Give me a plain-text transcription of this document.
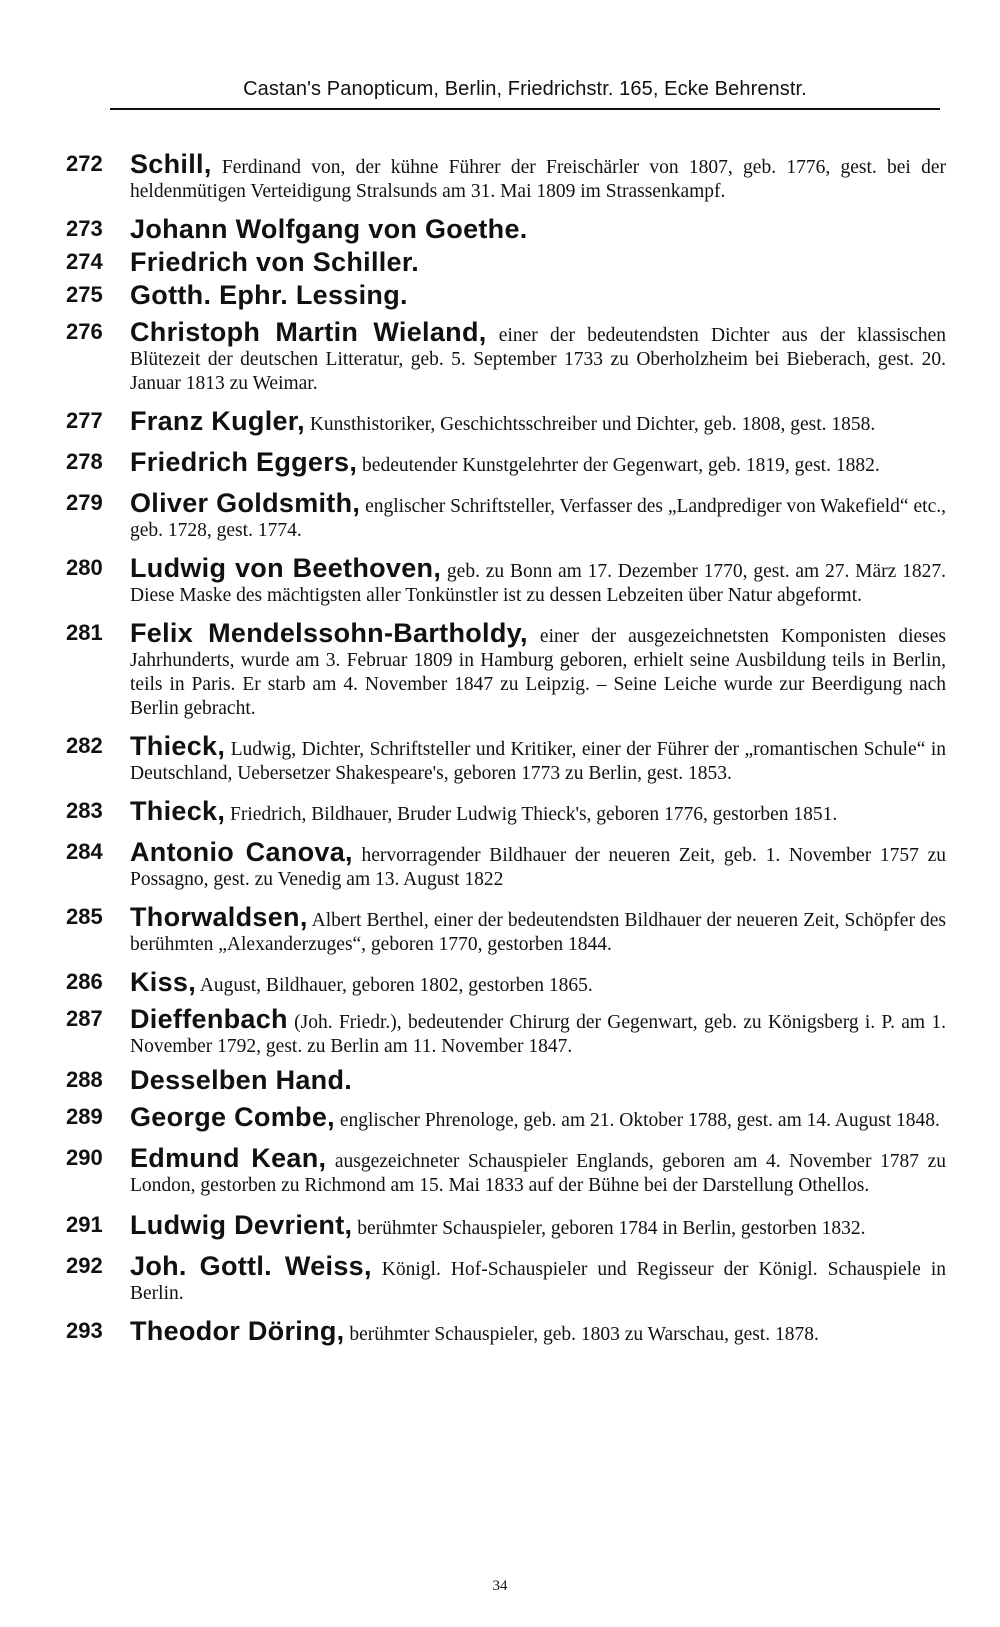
Castan's Panopticum, Berlin, Friedrichstr. 165, Ecke Behrenstr.
272	Schill, Ferdinand von, der kühne Führer der Freischärler von 1807, geb. 1776, gest. bei der heldenmütigen Verteidigung Stralsunds am 31. Mai 1809 im Strassenkampf.
273	Johann Wolfgang von Goethe.
274	Friedrich von Schiller.
275	Gotth. Ephr. Lessing.
276	Christoph Martin Wieland, einer der bedeutendsten Dichter aus der klassischen Blütezeit der deutschen Litteratur, geb. 5. September 1733 zu Oberholzheim bei Bieberach, gest. 20. Januar 1813 zu Weimar.
277	Franz Kugler, Kunsthistoriker, Geschichtsschreiber und Dichter, geb. 1808, gest. 1858.
278	Friedrich Eggers, bedeutender Kunstgelehrter der Gegenwart, geb. 1819, gest. 1882.
279	Oliver Goldsmith, englischer Schriftsteller, Verfasser des „Landprediger von Wakefield“ etc., geb. 1728, gest. 1774.
280	Ludwig von Beethoven, geb. zu Bonn am 17. Dezember 1770, gest. am 27. März 1827. Diese Maske des mächtigsten aller Tonkünstler ist zu dessen Lebzeiten über Natur abgeformt.
281	Felix Mendelssohn-Bartholdy, einer der ausgezeichnetsten Komponisten dieses Jahrhunderts, wurde am 3. Februar 1809 in Hamburg geboren, erhielt seine Ausbildung teils in Berlin, teils in Paris. Er starb am 4. November 1847 zu Leipzig. – Seine Leiche wurde zur Beerdigung nach Berlin gebracht.
282	Thieck, Ludwig, Dichter, Schriftsteller und Kritiker, einer der Führer der „romantischen Schule“ in Deutschland, Uebersetzer Shakespeare's, geboren 1773 zu Berlin, gest. 1853.
283	Thieck, Friedrich, Bildhauer, Bruder Ludwig Thieck's, geboren 1776, gestorben 1851.
284	Antonio Canova, hervorragender Bildhauer der neueren Zeit, geb. 1. November 1757 zu Possagno, gest. zu Venedig am 13. August 1822
285	Thorwaldsen, Albert Berthel, einer der bedeutendsten Bildhauer der neueren Zeit, Schöpfer des berühmten „Alexanderzuges“, geboren 1770, gestorben 1844.
286	Kiss, August, Bildhauer, geboren 1802, gestorben 1865.
287	Dieffenbach (Joh. Friedr.), bedeutender Chirurg der Gegenwart, geb. zu Königsberg i. P. am 1. November 1792, gest. zu Berlin am 11. November 1847.
288	Desselben Hand.
289	George Combe, englischer Phrenologe, geb. am 21. Oktober 1788, gest. am 14. August 1848.
290	Edmund Kean, ausgezeichneter Schauspieler Englands, geboren am 4. November 1787 zu London, gestorben zu Richmond am 15. Mai 1833 auf der Bühne bei der Darstellung Othellos.
291	Ludwig Devrient, berühmter Schauspieler, geboren 1784 in Berlin, gestorben 1832.
292	Joh. Gottl. Weiss, Königl. Hof-Schauspieler und Regisseur der Königl. Schauspiele in Berlin.
293	Theodor Döring, berühmter Schauspieler, geb. 1803 zu Warschau, gest. 1878.
34
